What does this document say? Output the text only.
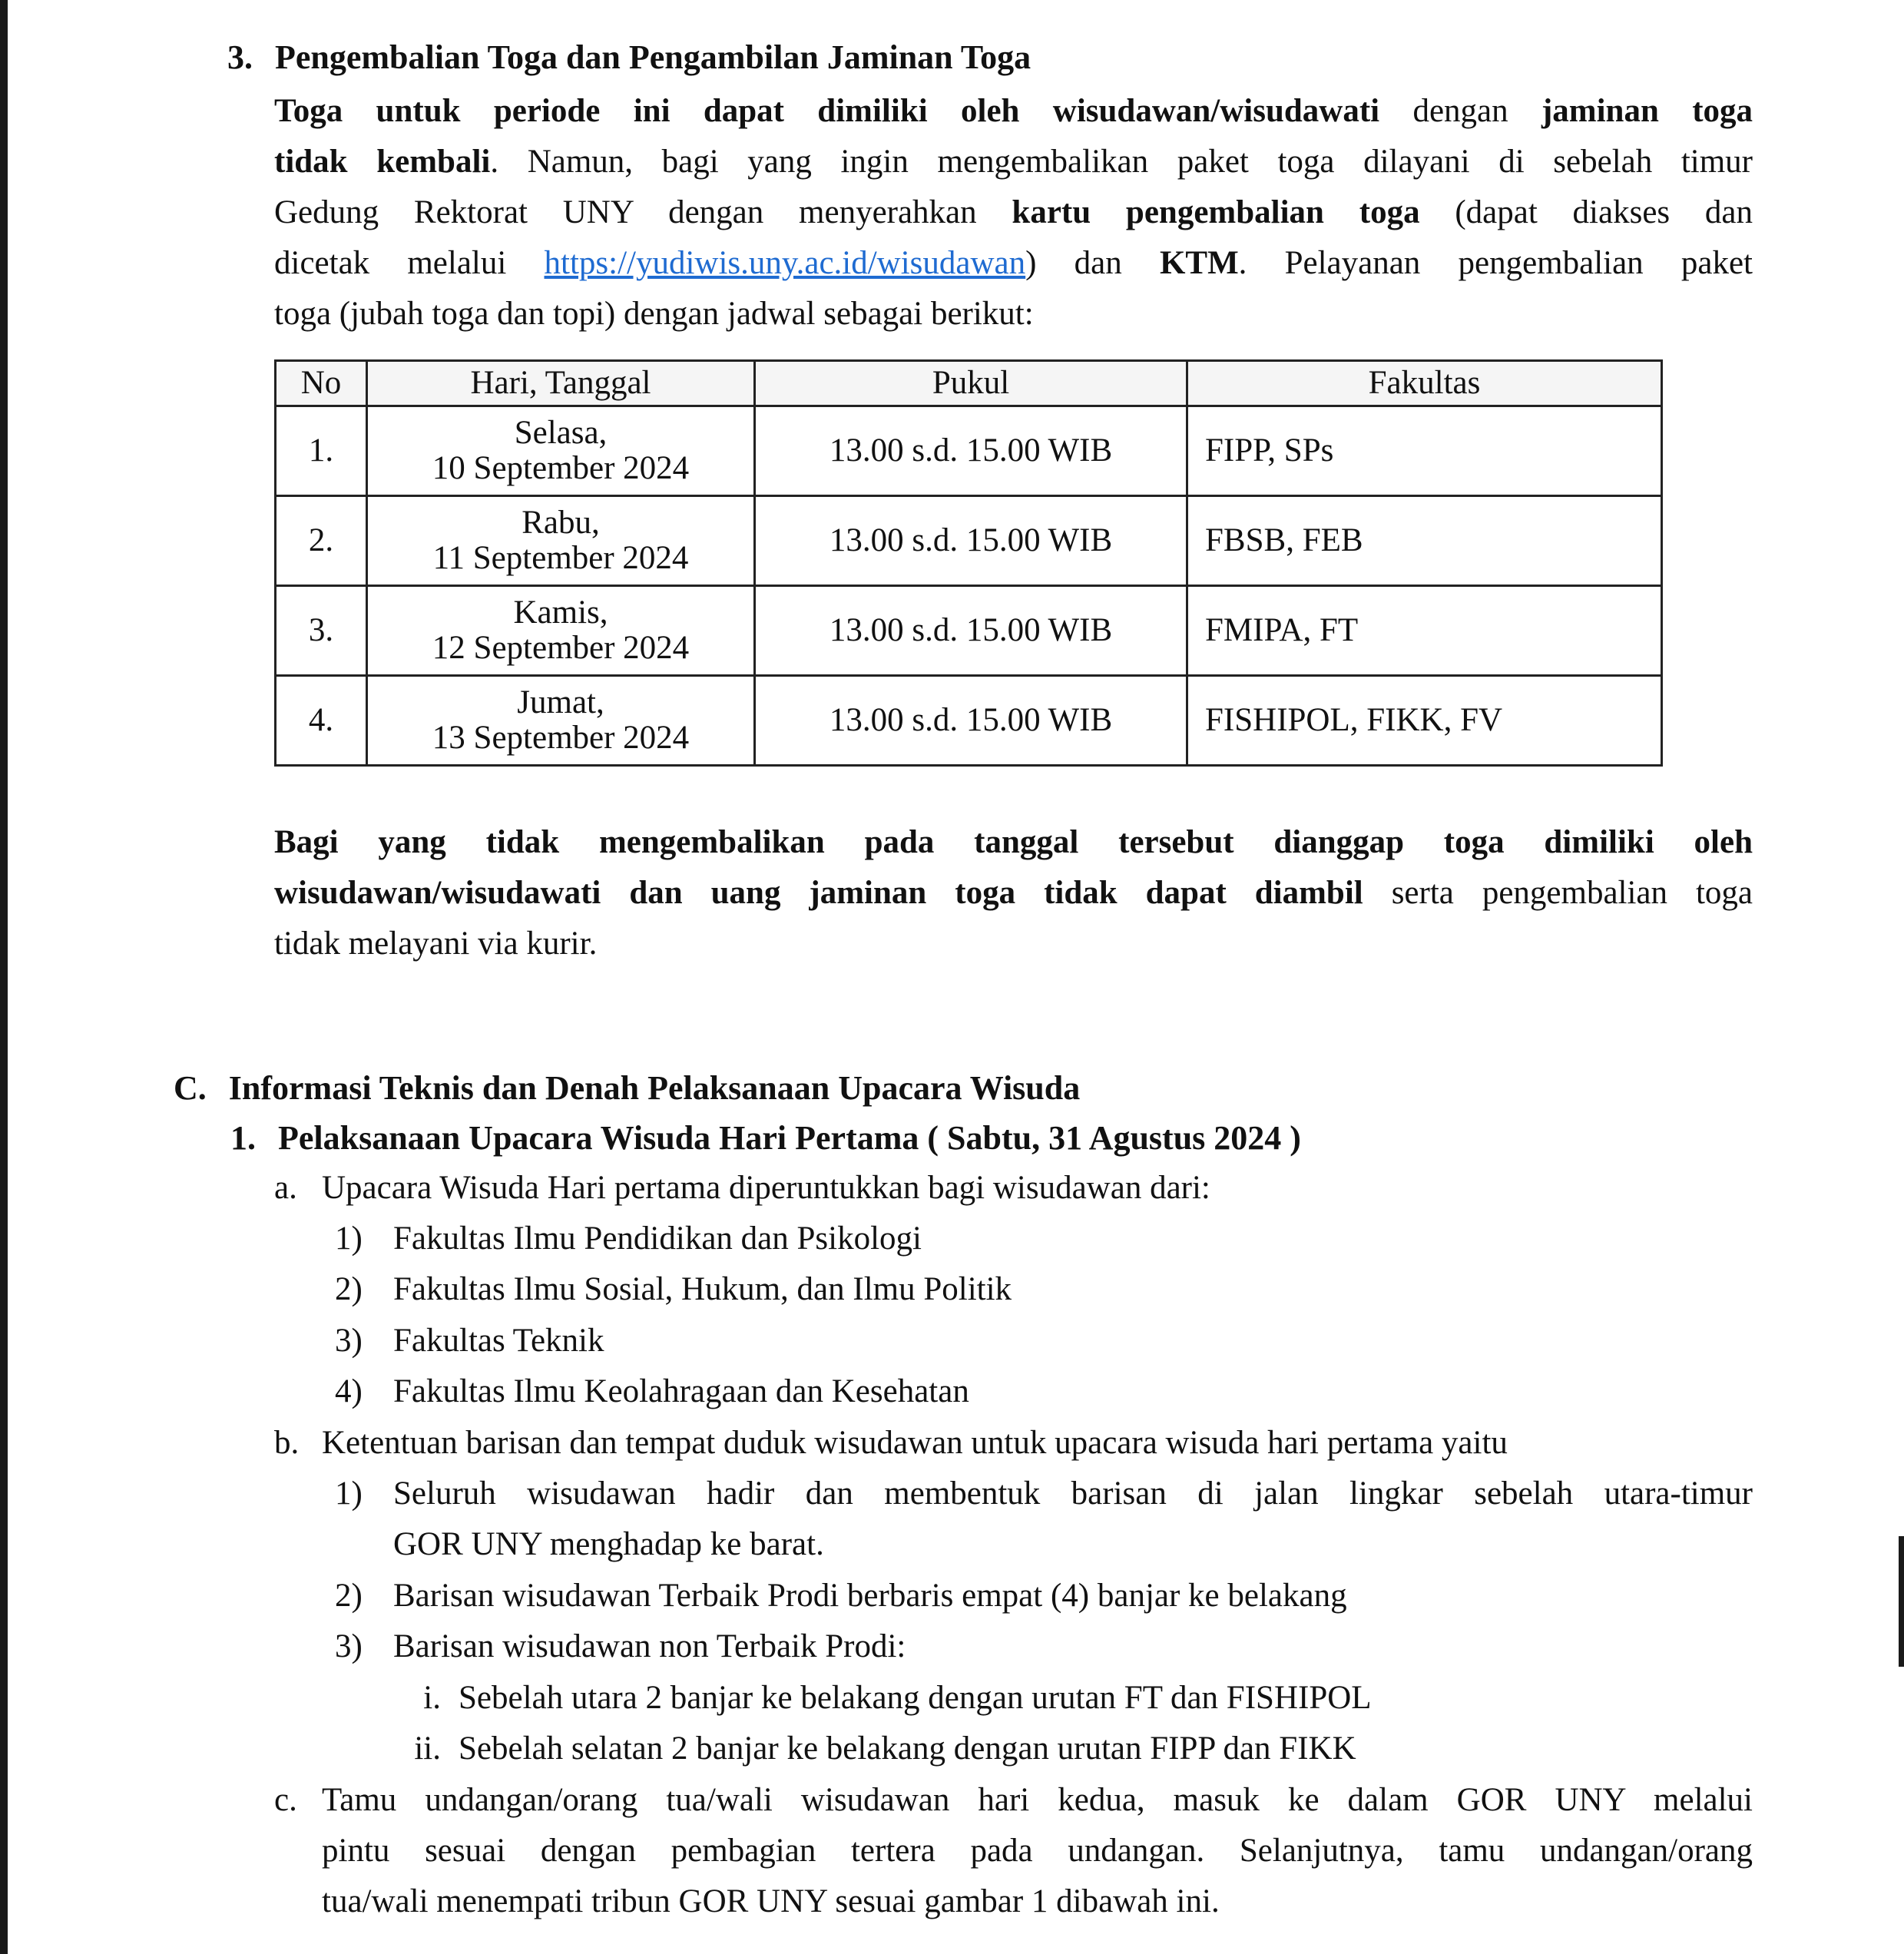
3. Pengembalian Toga dan Pengambilan Jaminan Toga
Toga untuk periode ini dapat dimiliki oleh wisudawan/wisudawati dengan jaminan toga
tidak kembali. Namun, bagi yang ingin mengembalikan paket toga dilayani di sebelah timur
Gedung Rektorat UNY dengan menyerahkan kartu pengembalian toga (dapat diakses dan
dicetak melalui https://yudiwis.uny.ac.id/wisudawan) dan KTM. Pelayanan pengembalian paket
toga (jubah toga dan topi) dengan jadwal sebagai berikut:
No	Hari, Tanggal	Pukul	Fakultas
1.	Selasa,
10 September 2024	13.00 s.d. 15.00 WIB	FIPP, SPs
2.	Rabu,
11 September 2024	13.00 s.d. 15.00 WIB	FBSB, FEB
3.	Kamis,
12 September 2024	13.00 s.d. 15.00 WIB	FMIPA, FT
4.	Jumat,
13 September 2024	13.00 s.d. 15.00 WIB	FISHIPOL, FIKK, FV
Bagi yang tidak mengembalikan pada tanggal tersebut dianggap toga dimiliki oleh
wisudawan/wisudawati dan uang jaminan toga tidak dapat diambil serta pengembalian toga
tidak melayani via kurir.
C. Informasi Teknis dan Denah Pelaksanaan Upacara Wisuda
1. Pelaksanaan Upacara Wisuda Hari Pertama ( Sabtu, 31 Agustus 2024 )
a. Upacara Wisuda Hari pertama diperuntukkan bagi wisudawan dari:
1) Fakultas Ilmu Pendidikan dan Psikologi
2) Fakultas Ilmu Sosial, Hukum, dan Ilmu Politik
3) Fakultas Teknik
4) Fakultas Ilmu Keolahragaan dan Kesehatan
b. Ketentuan barisan dan tempat duduk wisudawan untuk upacara wisuda hari pertama yaitu
1) Seluruh wisudawan hadir dan membentuk barisan di jalan lingkar sebelah utara-timur
GOR UNY menghadap ke barat.
2) Barisan wisudawan Terbaik Prodi berbaris empat (4) banjar ke belakang
3) Barisan wisudawan non Terbaik Prodi:
i. Sebelah utara 2 banjar ke belakang dengan urutan FT dan FISHIPOL
ii. Sebelah selatan 2 banjar ke belakang dengan urutan FIPP dan FIKK
c. Tamu undangan/orang tua/wali wisudawan hari kedua, masuk ke dalam GOR UNY melalui
pintu sesuai dengan pembagian tertera pada undangan. Selanjutnya, tamu undangan/orang
tua/wali menempati tribun GOR UNY sesuai gambar 1 dibawah ini.
